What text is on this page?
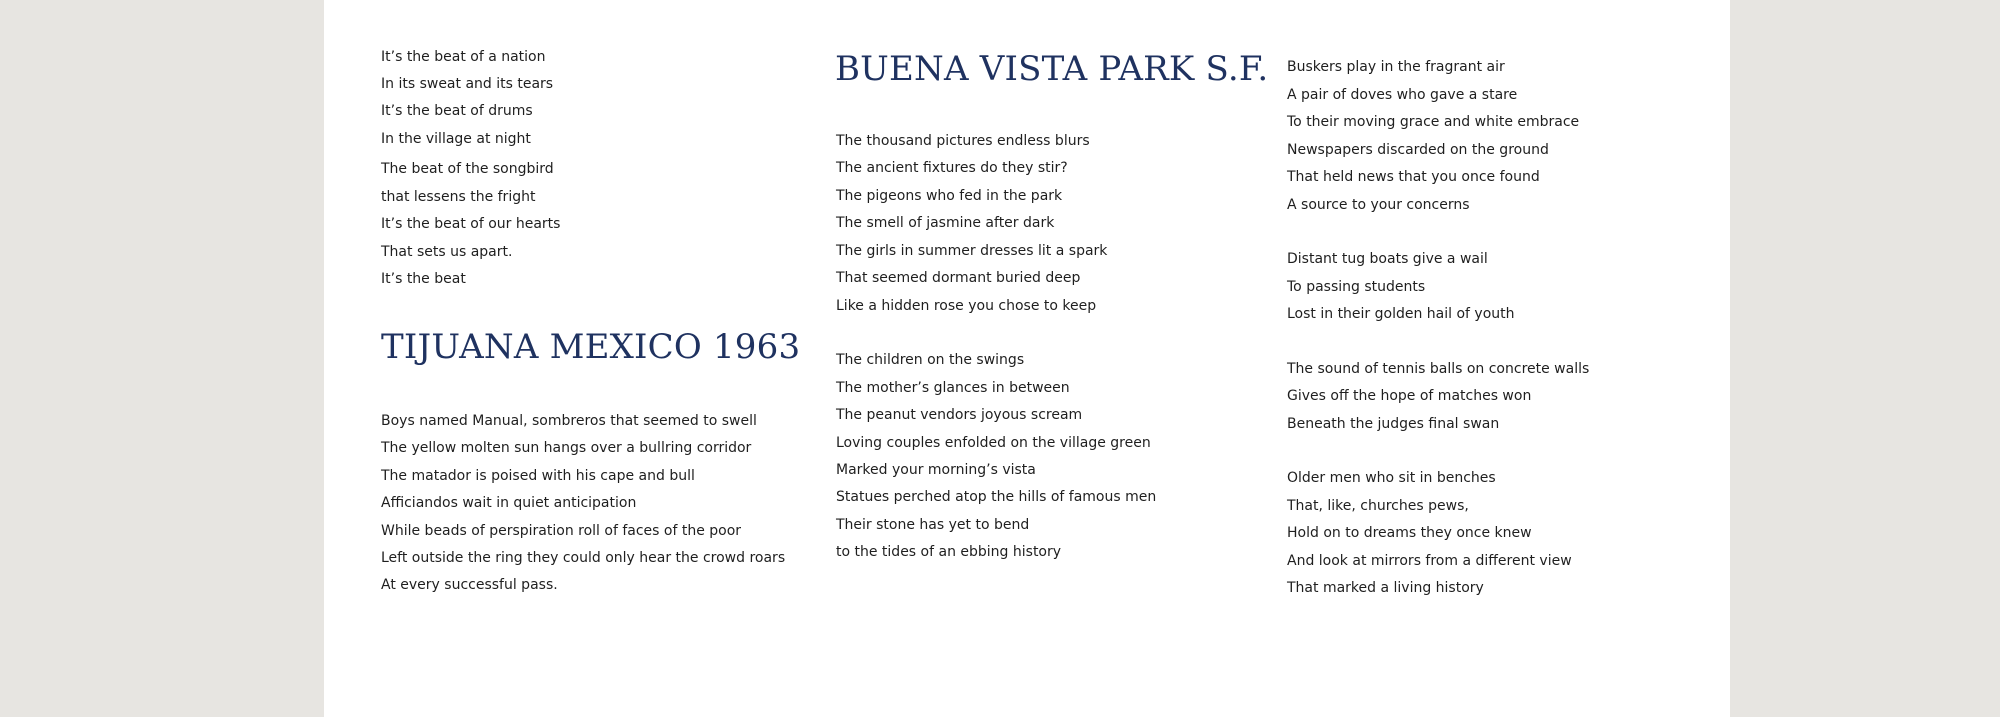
It’s the beat of a nation
In its sweat and its tears
It’s the beat of drums
In the village at night
The beat of the songbird
that lessens the fright
It’s the beat of our hearts
That sets us apart.
It’s the beat
TIJUANA MEXICO 1963
Boys named Manual, sombreros that seemed to swell
The yellow molten sun hangs over a bullring corridor
The matador is poised with his cape and bull
Afficiandos wait in quiet anticipation
While beads of perspiration roll of faces of the poor
Left outside the ring they could only hear the crowd roars
At every successful pass.
BUENA VISTA PARK S.F.
The thousand pictures endless blurs
The ancient fixtures do they stir?
The pigeons who fed in the park
The smell of jasmine after dark
The girls in summer dresses lit a spark
That seemed dormant buried deep
Like a hidden rose you chose to keep
The children on the swings
The mother’s glances in between
The peanut vendors joyous scream
Loving couples enfolded on the village green
Marked your morning’s vista
Statues perched atop the hills of famous men
Their stone has yet to bend
to the tides of an ebbing history
Buskers play in the fragrant air
A pair of doves who gave a stare
To their moving grace and white embrace
Newspapers discarded on the ground
That held news that you once found
A source to your concerns
Distant tug boats give a wail
To passing students
Lost in their golden hail of youth
The sound of tennis balls on concrete walls
Gives off the hope of matches won
Beneath the judges final swan
Older men who sit in benches
That, like, churches pews,
Hold on to dreams they once knew
And look at mirrors from a different view
That marked a living history
